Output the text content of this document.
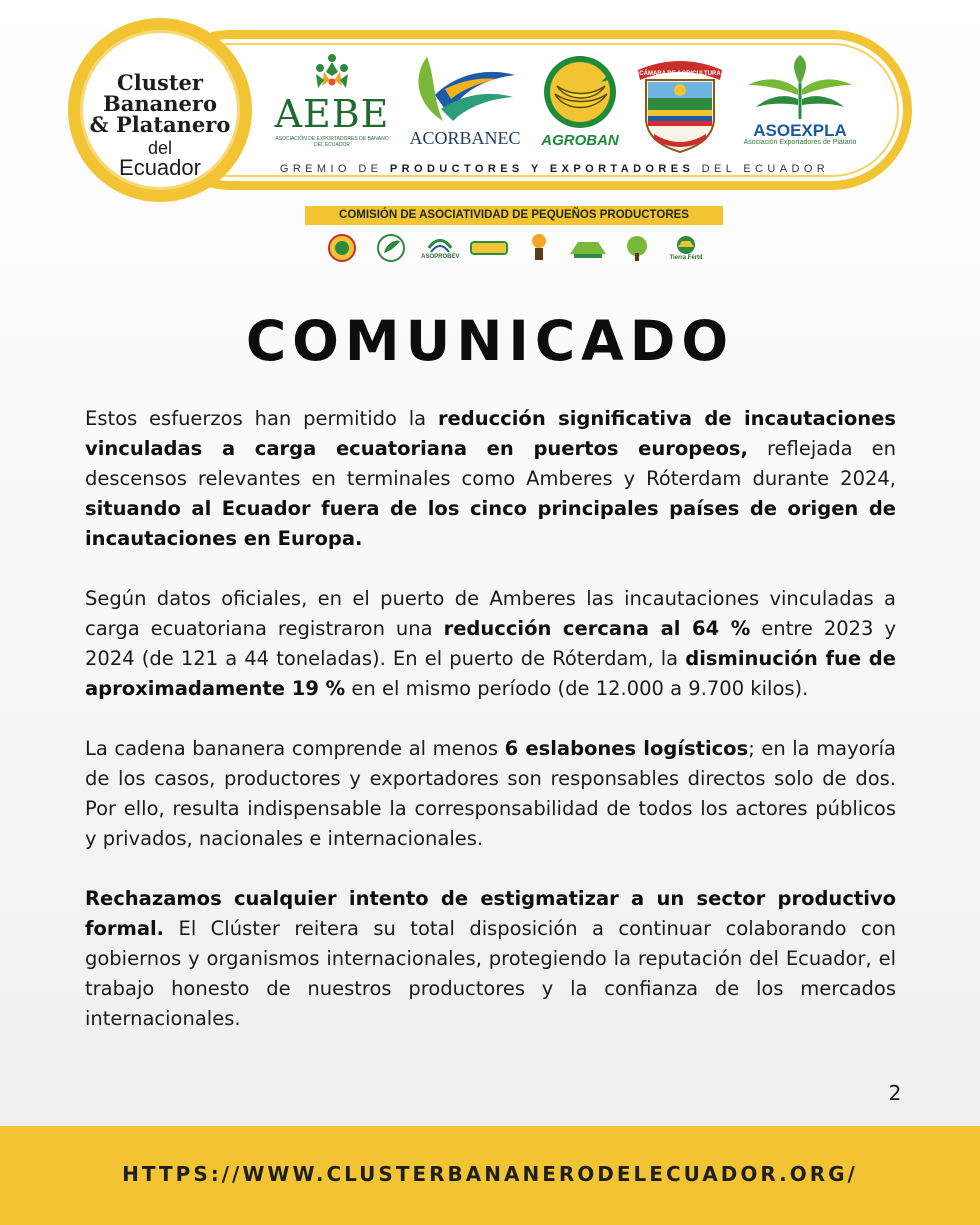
Cluster
Bananero
& Platanero
del
Ecuador
AEBE
ASOCIACIÓN DE EXPORTADORES DE BANANO DEL ECUADOR	ACORBANEC	AGROBAN
CÁMARA DE AGRICULTURA
ASOEXPLA
Asociación Exportadores de Plátano
GREMIO DE PRODUCTORES Y EXPORTADORES DEL ECUADOR
COMISIÓN DE ASOCIATIVIDAD DE PEQUEÑOS PRODUCTORES
ASOPROBEV	Tierra Fértil
COMUNICADO

Estos esfuerzos han permitido la reducción significativa de incautaciones vinculadas a carga ecuatoriana en puertos europeos, reflejada en descensos relevantes en terminales como Amberes y Róterdam durante 2024, situando al Ecuador fuera de los cinco principales países de origen de incautaciones en Europa.

Según datos oficiales, en el puerto de Amberes las incautaciones vinculadas a carga ecuatoriana registraron una reducción cercana al 64 % entre 2023 y 2024 (de 121 a 44 toneladas). En el puerto de Róterdam, la disminución fue de aproximadamente 19 % en el mismo período (de 12.000 a 9.700 kilos).

La cadena bananera comprende al menos 6 eslabones logísticos; en la mayoría de los casos, productores y exportadores son responsables directos solo de dos. Por ello, resulta indispensable la corresponsabilidad de todos los actores públicos y privados, nacionales e internacionales.

Rechazamos cualquier intento de estigmatizar a un sector productivo formal. El Clúster reitera su total disposición a continuar colaborando con gobiernos y organismos internacionales, protegiendo la reputación del Ecuador, el trabajo honesto de nuestros productores y la confianza de los mercados internacionales.

2
HTTPS://WWW.CLUSTERBANANERODELECUADOR.ORG/
